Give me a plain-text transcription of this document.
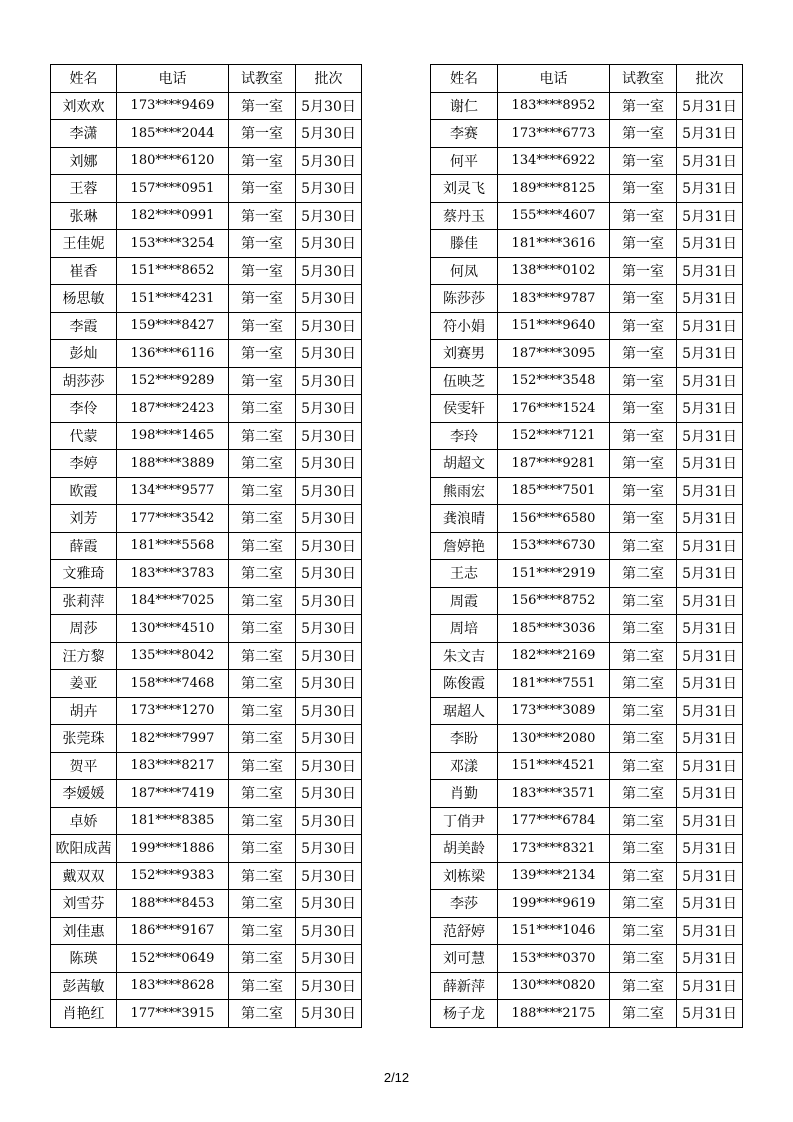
姓名	电话	试教室	批次
刘欢欢	173****9469	第一室	5月30日
李潇	185****2044	第一室	5月30日
刘娜	180****6120	第一室	5月30日
王蓉	157****0951	第一室	5月30日
张琳	182****0991	第一室	5月30日
王佳妮	153****3254	第一室	5月30日
崔香	151****8652	第一室	5月30日
杨思敏	151****4231	第一室	5月30日
李霞	159****8427	第一室	5月30日
彭灿	136****6116	第一室	5月30日
胡莎莎	152****9289	第一室	5月30日
李伶	187****2423	第二室	5月30日
代蒙	198****1465	第二室	5月30日
李婷	188****3889	第二室	5月30日
欧霞	134****9577	第二室	5月30日
刘芳	177****3542	第二室	5月30日
薛霞	181****5568	第二室	5月30日
文雅琦	183****3783	第二室	5月30日
张莉萍	184****7025	第二室	5月30日
周莎	130****4510	第二室	5月30日
汪方黎	135****8042	第二室	5月30日
姜亚	158****7468	第二室	5月30日
胡卉	173****1270	第二室	5月30日
张莞珠	182****7997	第二室	5月30日
贺平	183****8217	第二室	5月30日
李媛媛	187****7419	第二室	5月30日
卓娇	181****8385	第二室	5月30日
欧阳成茜	199****1886	第二室	5月30日
戴双双	152****9383	第二室	5月30日
刘雪芬	188****8453	第二室	5月30日
刘佳惠	186****9167	第二室	5月30日
陈瑛	152****0649	第二室	5月30日
彭茜敏	183****8628	第二室	5月30日
肖艳红	177****3915	第二室	5月30日
姓名	电话	试教室	批次
谢仁	183****8952	第一室	5月31日
李赛	173****6773	第一室	5月31日
何平	134****6922	第一室	5月31日
刘灵飞	189****8125	第一室	5月31日
蔡丹玉	155****4607	第一室	5月31日
滕佳	181****3616	第一室	5月31日
何凤	138****0102	第一室	5月31日
陈莎莎	183****9787	第一室	5月31日
符小娟	151****9640	第一室	5月31日
刘赛男	187****3095	第一室	5月31日
伍映芝	152****3548	第一室	5月31日
侯雯轩	176****1524	第一室	5月31日
李玲	152****7121	第一室	5月31日
胡超文	187****9281	第一室	5月31日
熊雨宏	185****7501	第一室	5月31日
龚浪晴	156****6580	第一室	5月31日
詹婷艳	153****6730	第二室	5月31日
王志	151****2919	第二室	5月31日
周霞	156****8752	第二室	5月31日
周培	185****3036	第二室	5月31日
朱文吉	182****2169	第二室	5月31日
陈俊霞	181****7551	第二室	5月31日
琚超人	173****3089	第二室	5月31日
李盼	130****2080	第二室	5月31日
邓漾	151****4521	第二室	5月31日
肖勤	183****3571	第二室	5月31日
丁俏尹	177****6784	第二室	5月31日
胡美龄	173****8321	第二室	5月31日
刘栋梁	139****2134	第二室	5月31日
李莎	199****9619	第二室	5月31日
范舒婷	151****1046	第二室	5月31日
刘可慧	153****0370	第二室	5月31日
薛新萍	130****0820	第二室	5月31日
杨子龙	188****2175	第二室	5月31日
2/12
